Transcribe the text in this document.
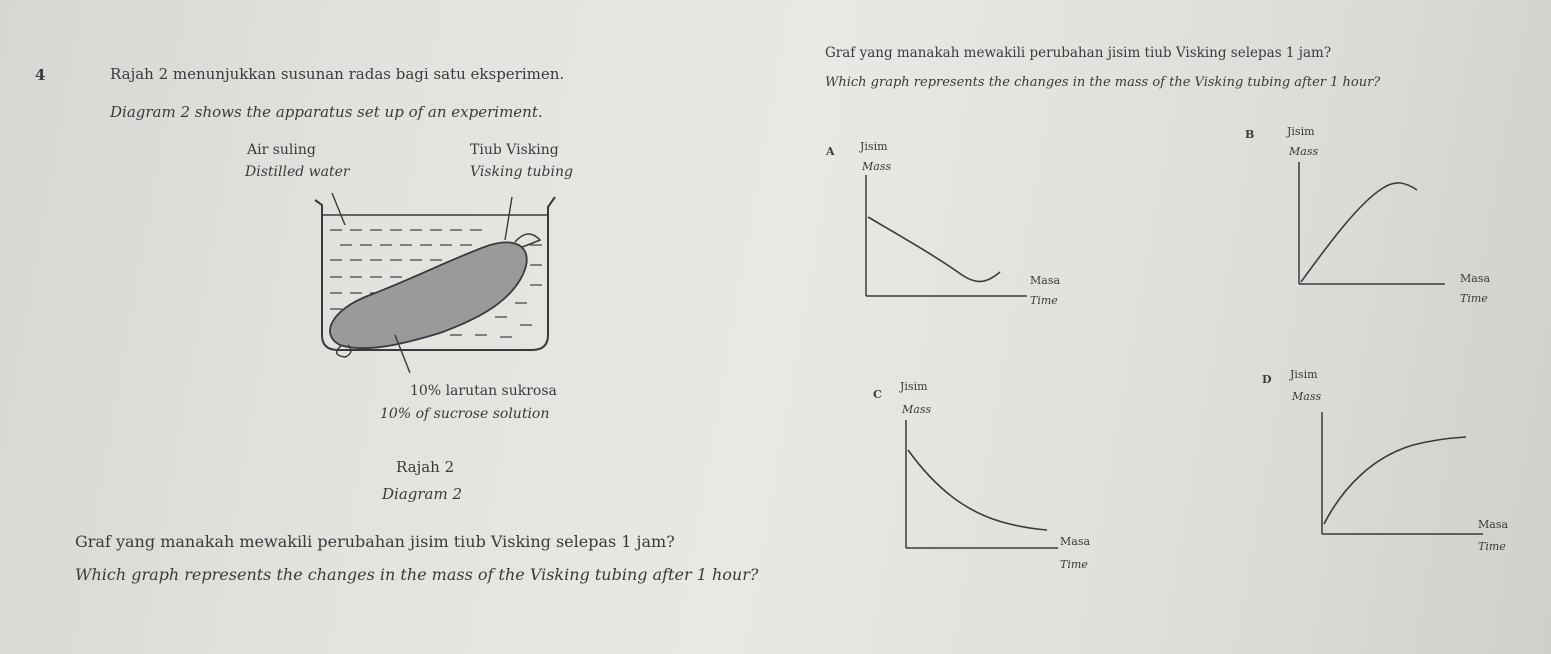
4	Rajah 2 menunjukkan susunan radas bagi satu eksperimen.
Diagram 2 shows the apparatus set up of an experiment.
Graf yang manakah mewakili perubahan jisim tiub Visking selepas 1 jam?
Which graph represents the changes in the mass of the Visking tubing after 1 hour?
Air suling
Distilled water
Tiub Visking
Visking tubing
10% larutan sukrosa
10% of sucrose solution
Rajah 2
Diagram 2
Graf yang manakah mewakili perubahan jisim tiub Visking selepas 1 jam?
Which graph represents the changes in the mass of the Visking tubing after 1 hour?
A Jisim
Mass
Masa
Time
B	Jisim
Mass
Masa
Time
C
Jisim
Mass
Masa
Time
D Jisim
Mass
Masa
Time
